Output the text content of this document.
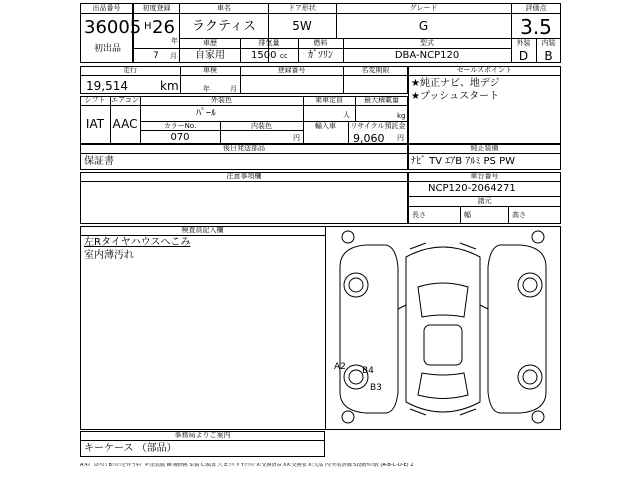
出品番号
36005
初出品
初度登録
H 26
年
7 月
車名
ラクティス
ドア形状
5W
グレード
G
車歴	排気量	燃料	型式
自家用	1500 cc	ｶﾞｿﾘﾝ	DBA-NCP120
評価点
3.5
外装	内装
D	B
走行
19,514	km
車検
年	月
登録番号	名変期限	セールスポイント
★純正ナビ、地デジ
★プッシュスタート
シフト
IAT
エアコン
AAC
外装色
ﾊﾟｰﾙ
カラーNo.
070
内装色
円
乗車定員
人
最大積載量
kg
輸入車	リサイクル預託金
9,060 円
後日発送部品
保証書
純正装備
ﾅﾋﾞ TV ｴｱB ｱﾙﾐ PS PW
注意事項欄	車台番号
NCP120-2064271
諸元
長さ	幅	高さ
検査員記入欄
左Rタイヤハウスへこみ
室内薄汚れ
A2 B4
B3
事務局よりご案内
キーケース （部品）
A:ｷｽﾞ U:ﾍｺﾐ B:ﾍｺﾐを伴うｷｽﾞ P:塗装膜 W:補修跡 S:錆 C:腐食 穴 E:ｱﾊﾞﾀ Y:ｸﾗｯｸ X:交換済み XX:交換要 X:欠品 内:外装評価 5段階ｶｯｺ数 (A-B-C-D-E) 2
